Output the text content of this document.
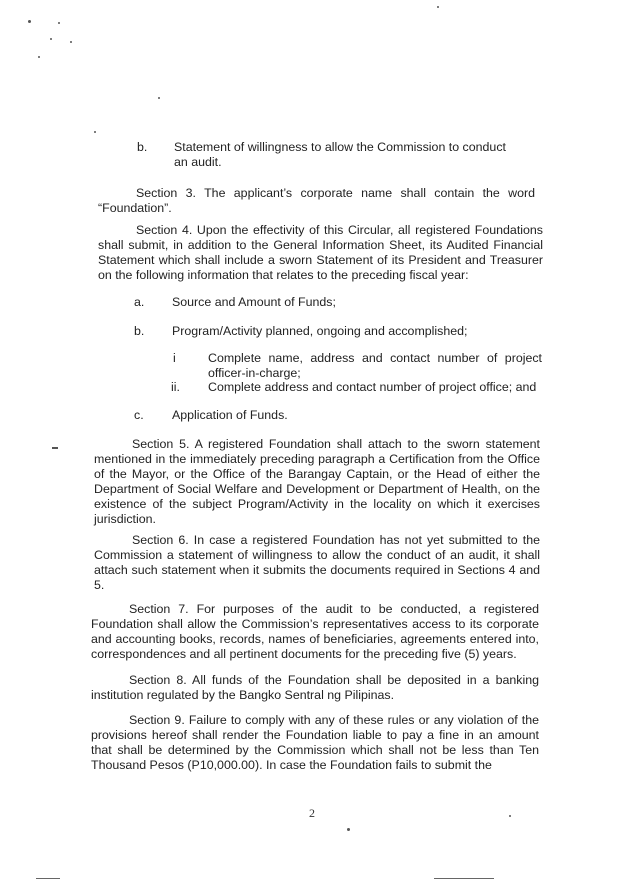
b. Statement of willingness to allow the Commission to conduct an audit.
Section 3. The applicant’s corporate name shall contain the word “Foundation”.
Section 4. Upon the effectivity of this Circular, all registered Foundations shall submit, in addition to the General Information Sheet, its Audited Financial Statement which shall include a sworn Statement of its President and Treasurer on the following information that relates to the preceding fiscal year:
a. Source and Amount of Funds;
b. Program/Activity planned, ongoing and accomplished;
i	Complete name, address and contact number of project officer-in-charge;
ii. Complete address and contact number of project office; and
c. Application of Funds.
Section 5. A registered Foundation shall attach to the sworn statement mentioned in the immediately preceding paragraph a Certification from the Office of the Mayor, or the Office of the Barangay Captain, or the Head of either the Department of Social Welfare and Development or Department of Health, on the existence of the subject Program/Activity in the locality on which it exercises jurisdiction.
Section 6. In case a registered Foundation has not yet submitted to the Commission a statement of willingness to allow the conduct of an audit, it shall attach such statement when it submits the documents required in Sections 4 and 5.
Section 7. For purposes of the audit to be conducted, a registered Foundation shall allow the Commission’s representatives access to its corporate and accounting books, records, names of beneficiaries, agreements entered into, correspondences and all pertinent documents for the preceding five (5) years.
Section 8. All funds of the Foundation shall be deposited in a banking institution regulated by the Bangko Sentral ng Pilipinas.
Section 9. Failure to comply with any of these rules or any violation of the provisions hereof shall render the Foundation liable to pay a fine in an amount that shall be determined by the Commission which shall not be less than Ten Thousand Pesos (P10,000.00). In case the Foundation fails to submit the
2
